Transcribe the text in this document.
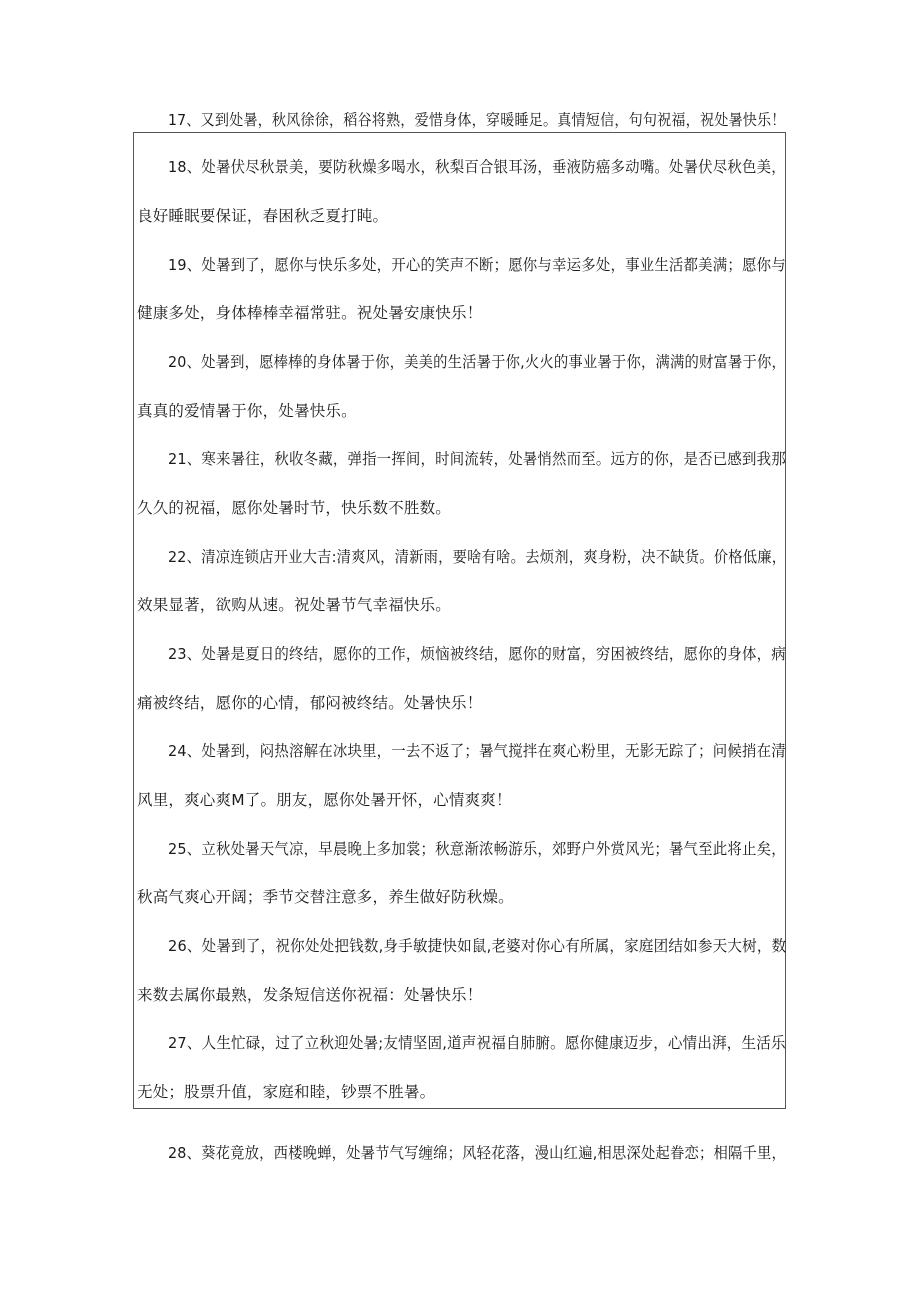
17、又到处暑，秋风徐徐，稻谷将熟，爱惜身体，穿暖睡足。真情短信，句句祝福，祝处暑快乐！
18、处暑伏尽秋景美，要防秋燥多喝水，秋梨百合银耳汤，垂液防癌多动嘴。处暑伏尽秋色美，
良好睡眠要保证，春困秋乏夏打盹。
19、处暑到了，愿你与快乐多处，开心的笑声不断；愿你与幸运多处，事业生活都美满；愿你与
健康多处，身体棒棒幸福常驻。祝处暑安康快乐！
20、处暑到，愿棒棒的身体暑于你，美美的生活暑于你,火火的事业暑于你，满满的财富暑于你，
真真的爱情暑于你，处暑快乐。
21、寒来暑往，秋收冬藏，弹指一挥间，时间流转，处暑悄然而至。远方的你，是否已感到我那
久久的祝福，愿你处暑时节，快乐数不胜数。
22、清凉连锁店开业大吉:清爽风，清新雨，要啥有啥。去烦剂，爽身粉，决不缺货。价格低廉，
效果显著，欲购从速。祝处暑节气幸福快乐。
23、处暑是夏日的终结，愿你的工作，烦恼被终结，愿你的财富，穷困被终结，愿你的身体，病
痛被终结，愿你的心情，郁闷被终结。处暑快乐！
24、处暑到，闷热溶解在冰块里，一去不返了；暑气搅拌在爽心粉里，无影无踪了；问候捎在清
风里，爽心爽M了。朋友，愿你处暑开怀，心情爽爽！
25、立秋处暑天气凉，早晨晚上多加裳；秋意渐浓畅游乐，郊野户外赏风光；暑气至此将止矣，
秋高气爽心开阔；季节交替注意多，养生做好防秋燥。
26、处暑到了，祝你处处把钱数,身手敏捷快如鼠,老婆对你心有所属，家庭团结如参天大树，数
来数去属你最熟，发条短信送你祝福：处暑快乐！
27、人生忙碌，过了立秋迎处暑;友情坚固,道声祝福自肺腑。愿你健康迈步，心情出湃，生活乐
无处；股票升值，家庭和睦，钞票不胜暑。
28、葵花竟放，西楼晚蝉，处暑节气写缠绵；风轻花落，漫山红遍,相思深处起眷恋；相隔千里，
